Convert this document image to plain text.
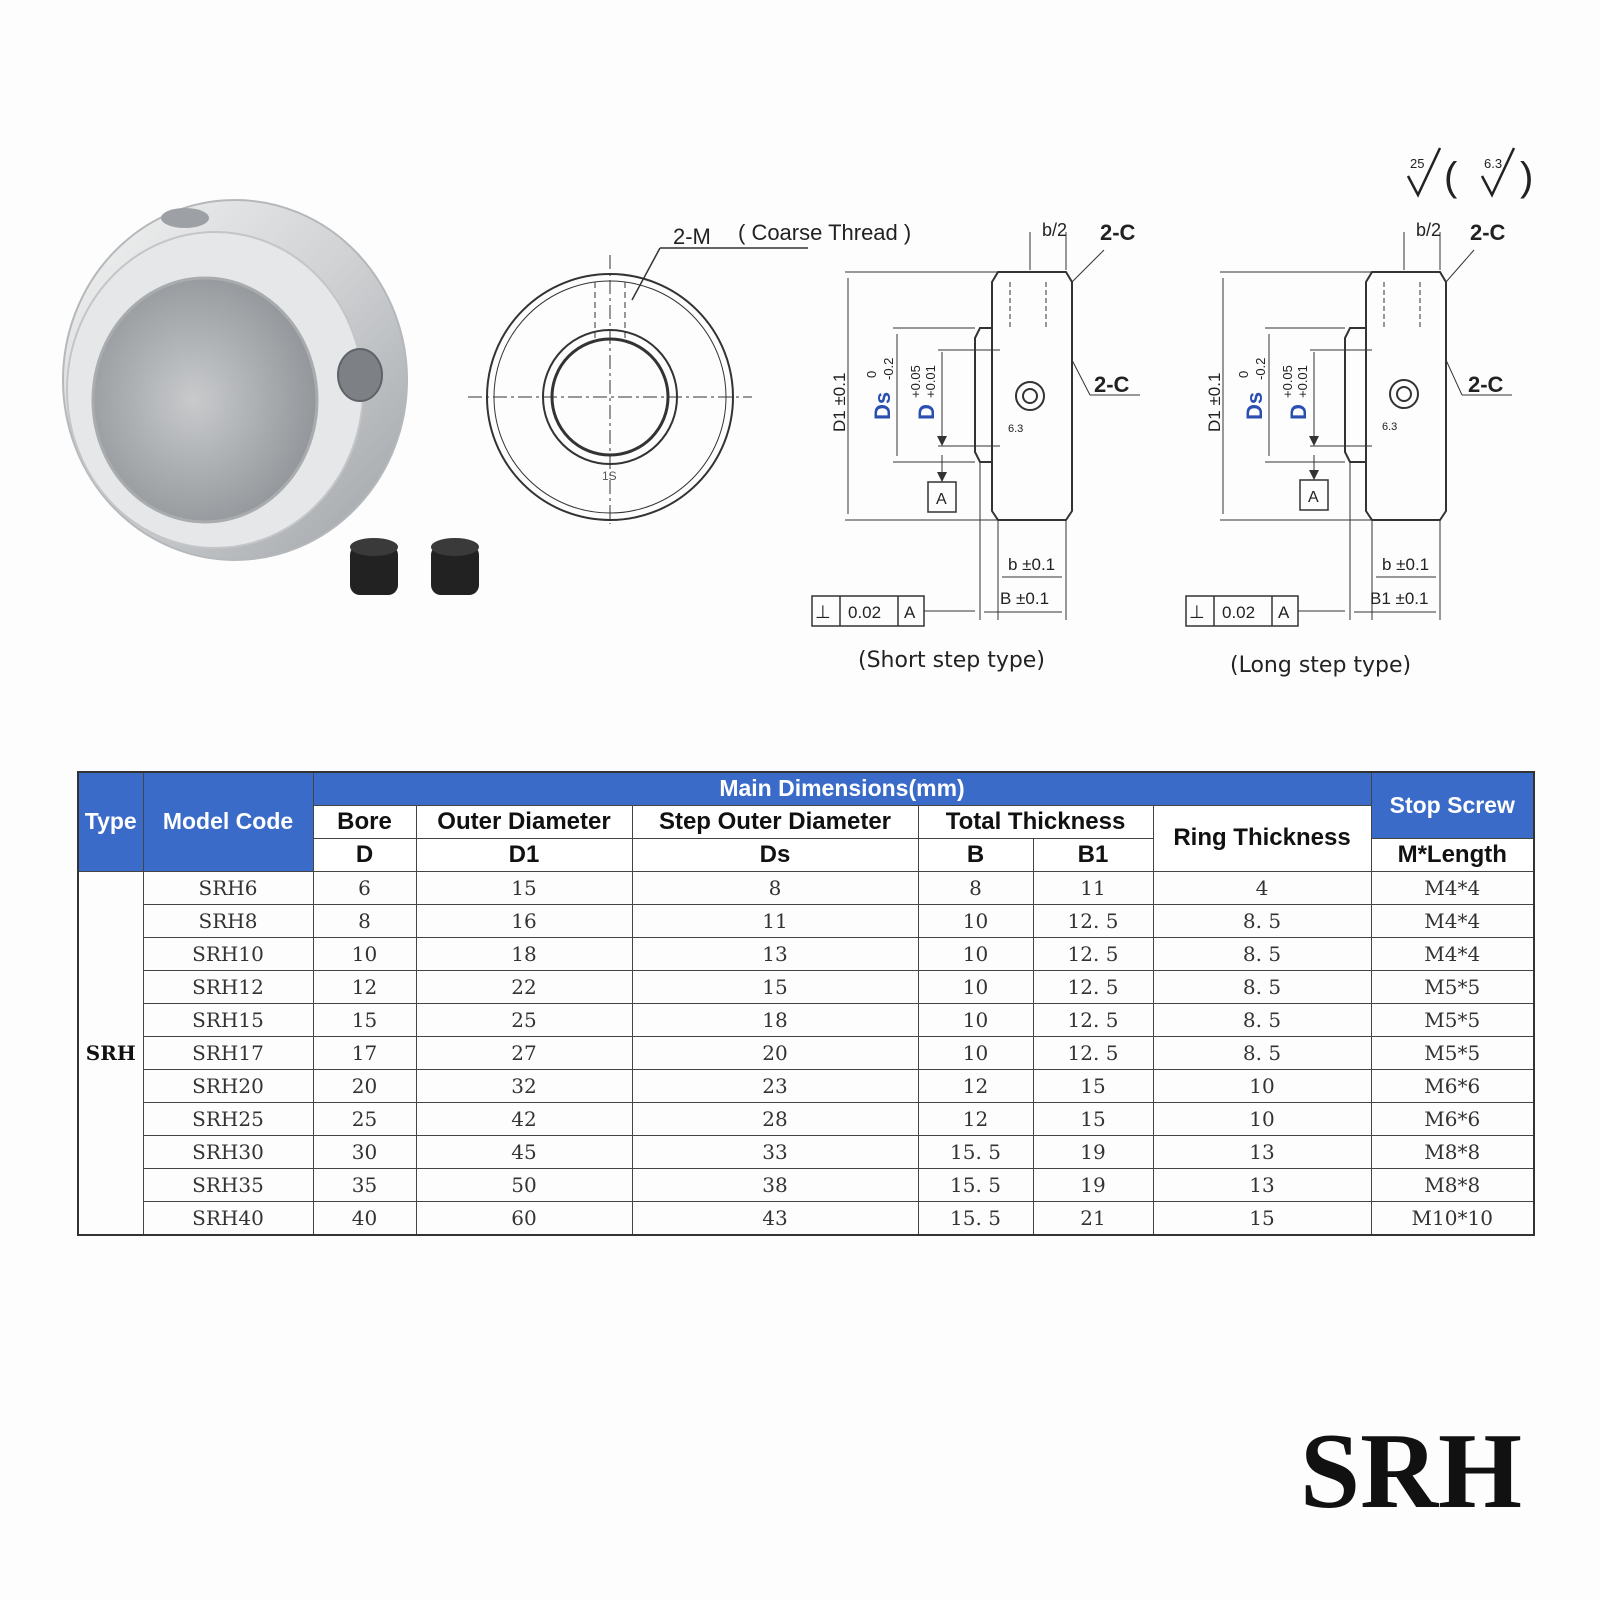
2-M ( Coarse Thread )
1S
b/2 2-C
2-C
D1 ±0.1 Ds
0 -0.2
D
+0.05 +0.01
A
6.3
b ±0.1
B ±0.1
⊥ 0.02 A
b/2 2-C
2-C
D1 ±0.1 Ds
0 -0.2
D
+0.05 +0.01
A
6.3
b ±0.1
B1 ±0.1
⊥ 0.02 A
25	6.3
( )
(Short step type)	(Long step type)
Type	Model Code	Main Dimensions(mm)						Stop Screw
		Bore	Outer Diameter	Step Outer Diameter	Total Thickness		Ring Thickness	
		D	D1	Ds	B	B1		M*Length
SRH	SRH6	6	15	8	8	11	4	M4*4
	SRH8	8	16	11	10	12. 5	8. 5	M4*4
	SRH10	10	18	13	10	12. 5	8. 5	M4*4
	SRH12	12	22	15	10	12. 5	8. 5	M5*5
	SRH15	15	25	18	10	12. 5	8. 5	M5*5
	SRH17	17	27	20	10	12. 5	8. 5	M5*5
	SRH20	20	32	23	12	15	10	M6*6
	SRH25	25	42	28	12	15	10	M6*6
	SRH30	30	45	33	15. 5	19	13	M8*8
	SRH35	35	50	38	15. 5	19	13	M8*8
	SRH40	40	60	43	15. 5	21	15	M10*10
SRH
